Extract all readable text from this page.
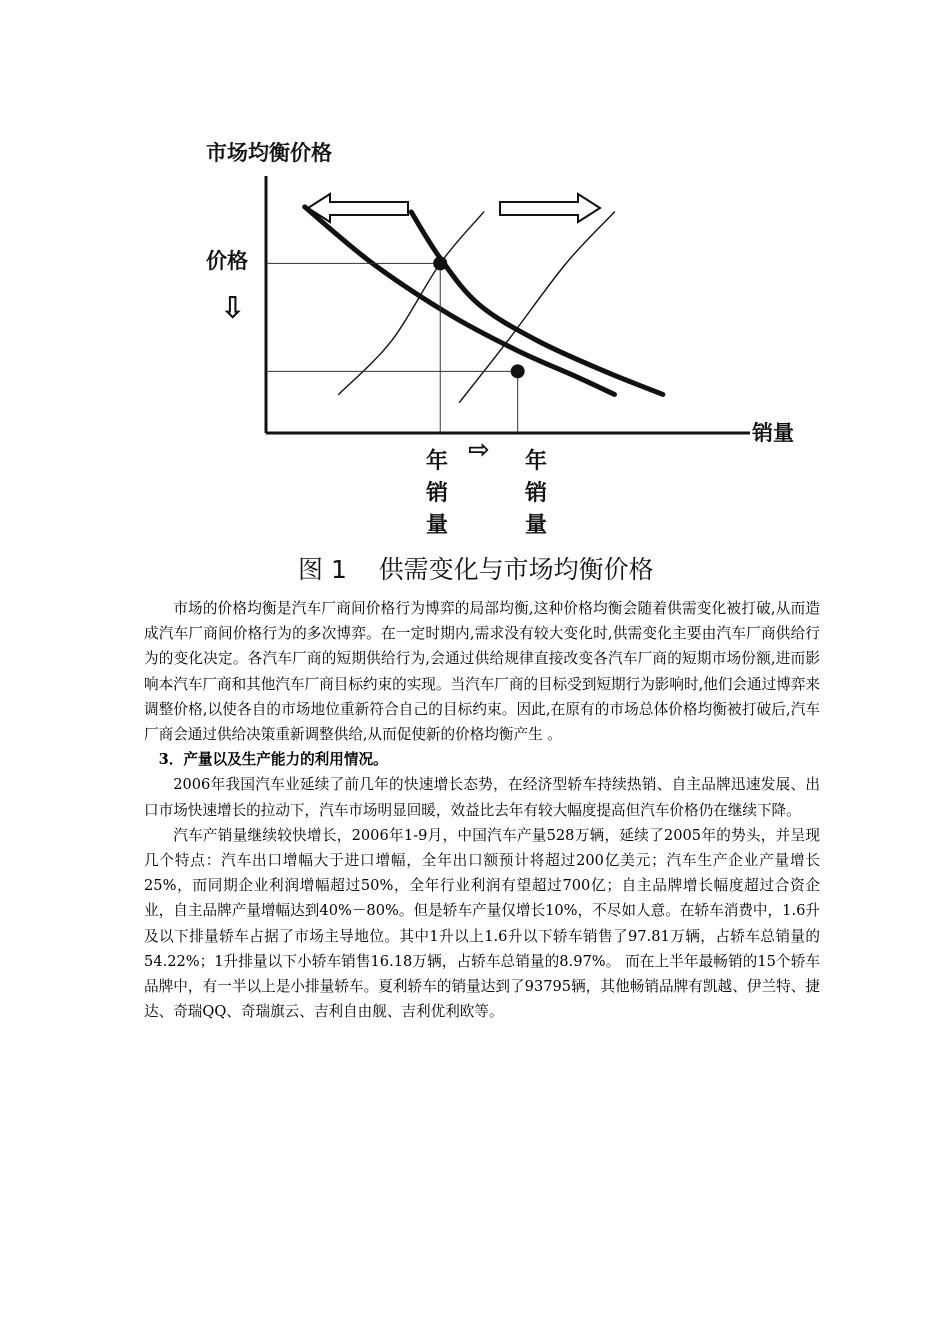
市场均衡价格
销量
价格
⇩
年
销
量
⇨ 年
销
量
图 1    供需变化与市场均衡价格

市场的价格均衡是汽车厂商间价格行为博弈的局部均衡,这种价格均衡会随着供需变化被打破,从而造成汽车厂商间价格行为的多次博弈。在一定时期内,需求没有较大变化时,供需变化主要由汽车厂商供给行为的变化决定。各汽车厂商的短期供给行为,会通过供给规律直接改变各汽车厂商的短期市场份额,进而影响本汽车厂商和其他汽车厂商目标约束的实现。当汽车厂商的目标受到短期行为影响时,他们会通过博弈来调整价格,以使各自的市场地位重新符合自己的目标约束。因此,在原有的市场总体价格均衡被打破后,汽车厂商会通过供给决策重新调整供给,从而促使新的价格均衡产生 。

3．产量以及生产能力的利用情况。

2006年我国汽车业延续了前几年的快速增长态势，在经济型轿车持续热销、自主品牌迅速发展、出口市场快速增长的拉动下，汽车市场明显回暖，效益比去年有较大幅度提高但汽车价格仍在继续下降。

汽车产销量继续较快增长，2006年1-9月，中国汽车产量528万辆，延续了2005年的势头，并呈现几个特点：汽车出口增幅大于进口增幅，全年出口额预计将超过200亿美元；汽车生产企业产量增长25%，而同期企业利润增幅超过50%，全年行业利润有望超过700亿；自主品牌增长幅度超过合资企业，自主品牌产量增幅达到40%－80%。但是轿车产量仅增长10%，不尽如人意。在轿车消费中，1.6升及以下排量轿车占据了市场主导地位。其中1升以上1.6升以下轿车销售了97.81万辆，占轿车总销量的54.22%；1升排量以下小轿车销售16.18万辆，占轿车总销量的8.97%。 而在上半年最畅销的15个轿车品牌中，有一半以上是小排量轿车。夏利轿车的销量达到了93795辆，其他畅销品牌有凯越、伊兰特、捷达、奇瑞QQ、奇瑞旗云、吉利自由舰、吉利优利欧等。
